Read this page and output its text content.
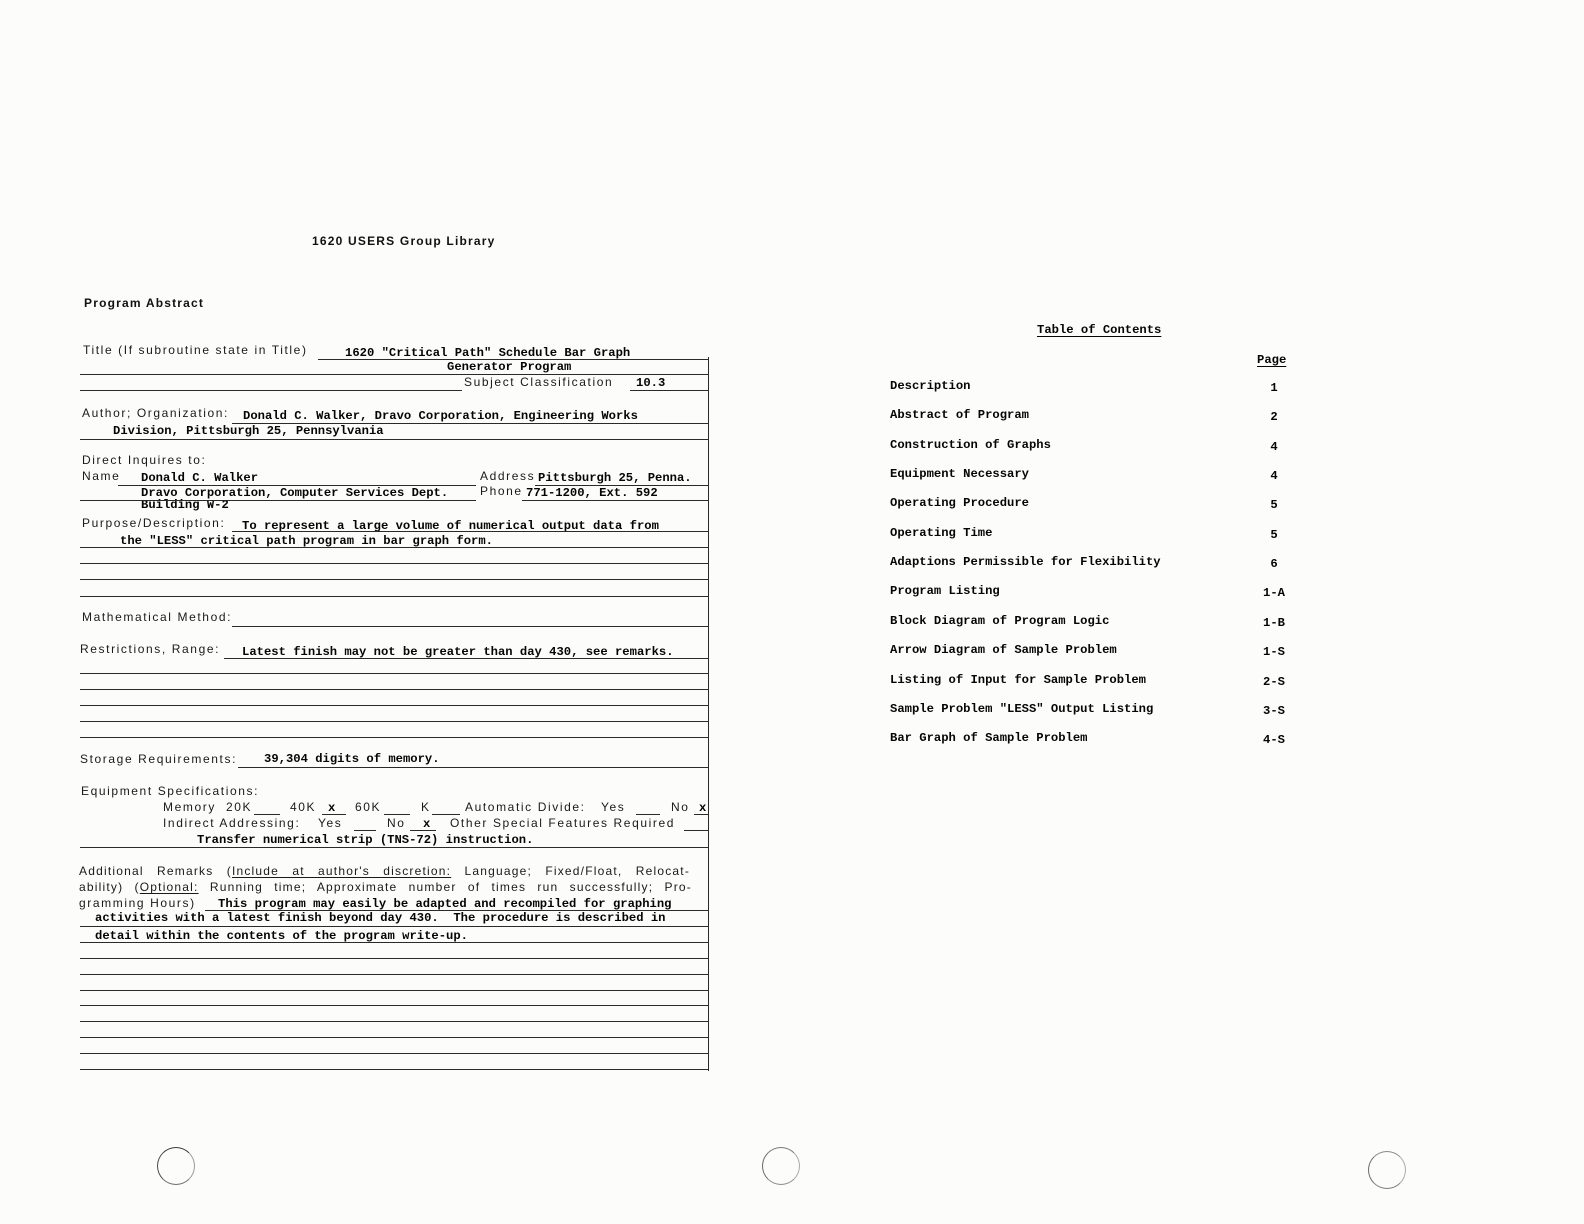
1620 USERS Group Library
Program Abstract
Title (If subroutine state in Title)	1620 "Critical Path" Schedule Bar Graph
Generator Program
Subject Classification 10.3
Author; Organization: Donald C. Walker, Dravo Corporation, Engineering Works
Division, Pittsburgh 25, Pennsylvania
Direct Inquires to:
Name Donald C. Walker	Address Pittsburgh 25, Penna.
Dravo Corporation, Computer Services Dept.	Phone 771-1200, Ext. 592
Building W-2
Purpose/Description: To represent a large volume of numerical output data from
the "LESS" critical path program in bar graph form.
Mathematical Method:
Restrictions, Range: Latest finish may not be greater than day 430, see remarks.
Storage Requirements: 39,304 digits of memory.
Equipment Specifications:
Memory 20K	40K x 60K	K	Automatic Divide: Yes	No x
Indirect Addressing: Yes	No x Other Special Features Required
Transfer numerical strip (TNS-72) instruction.
Additional Remarks (Include at author's discretion: Language; Fixed/Float, Relocat-
ability) (Optional: Running time; Approximate number of times run successfully; Pro-
gramming Hours) This program may easily be adapted and recompiled for graphing
activities with a latest finish beyond day 430.  The procedure is described in
detail within the contents of the program write-up.
Table of Contents
Page
Description	1
Abstract of Program	2
Construction of Graphs	4
Equipment Necessary	4
Operating Procedure	5
Operating Time	5
Adaptions Permissible for Flexibility	6
Program Listing	1-A
Block Diagram of Program Logic	1-B
Arrow Diagram of Sample Problem	1-S
Listing of Input for Sample Problem	2-S
Sample Problem "LESS" Output Listing	3-S
Bar Graph of Sample Problem	4-S
